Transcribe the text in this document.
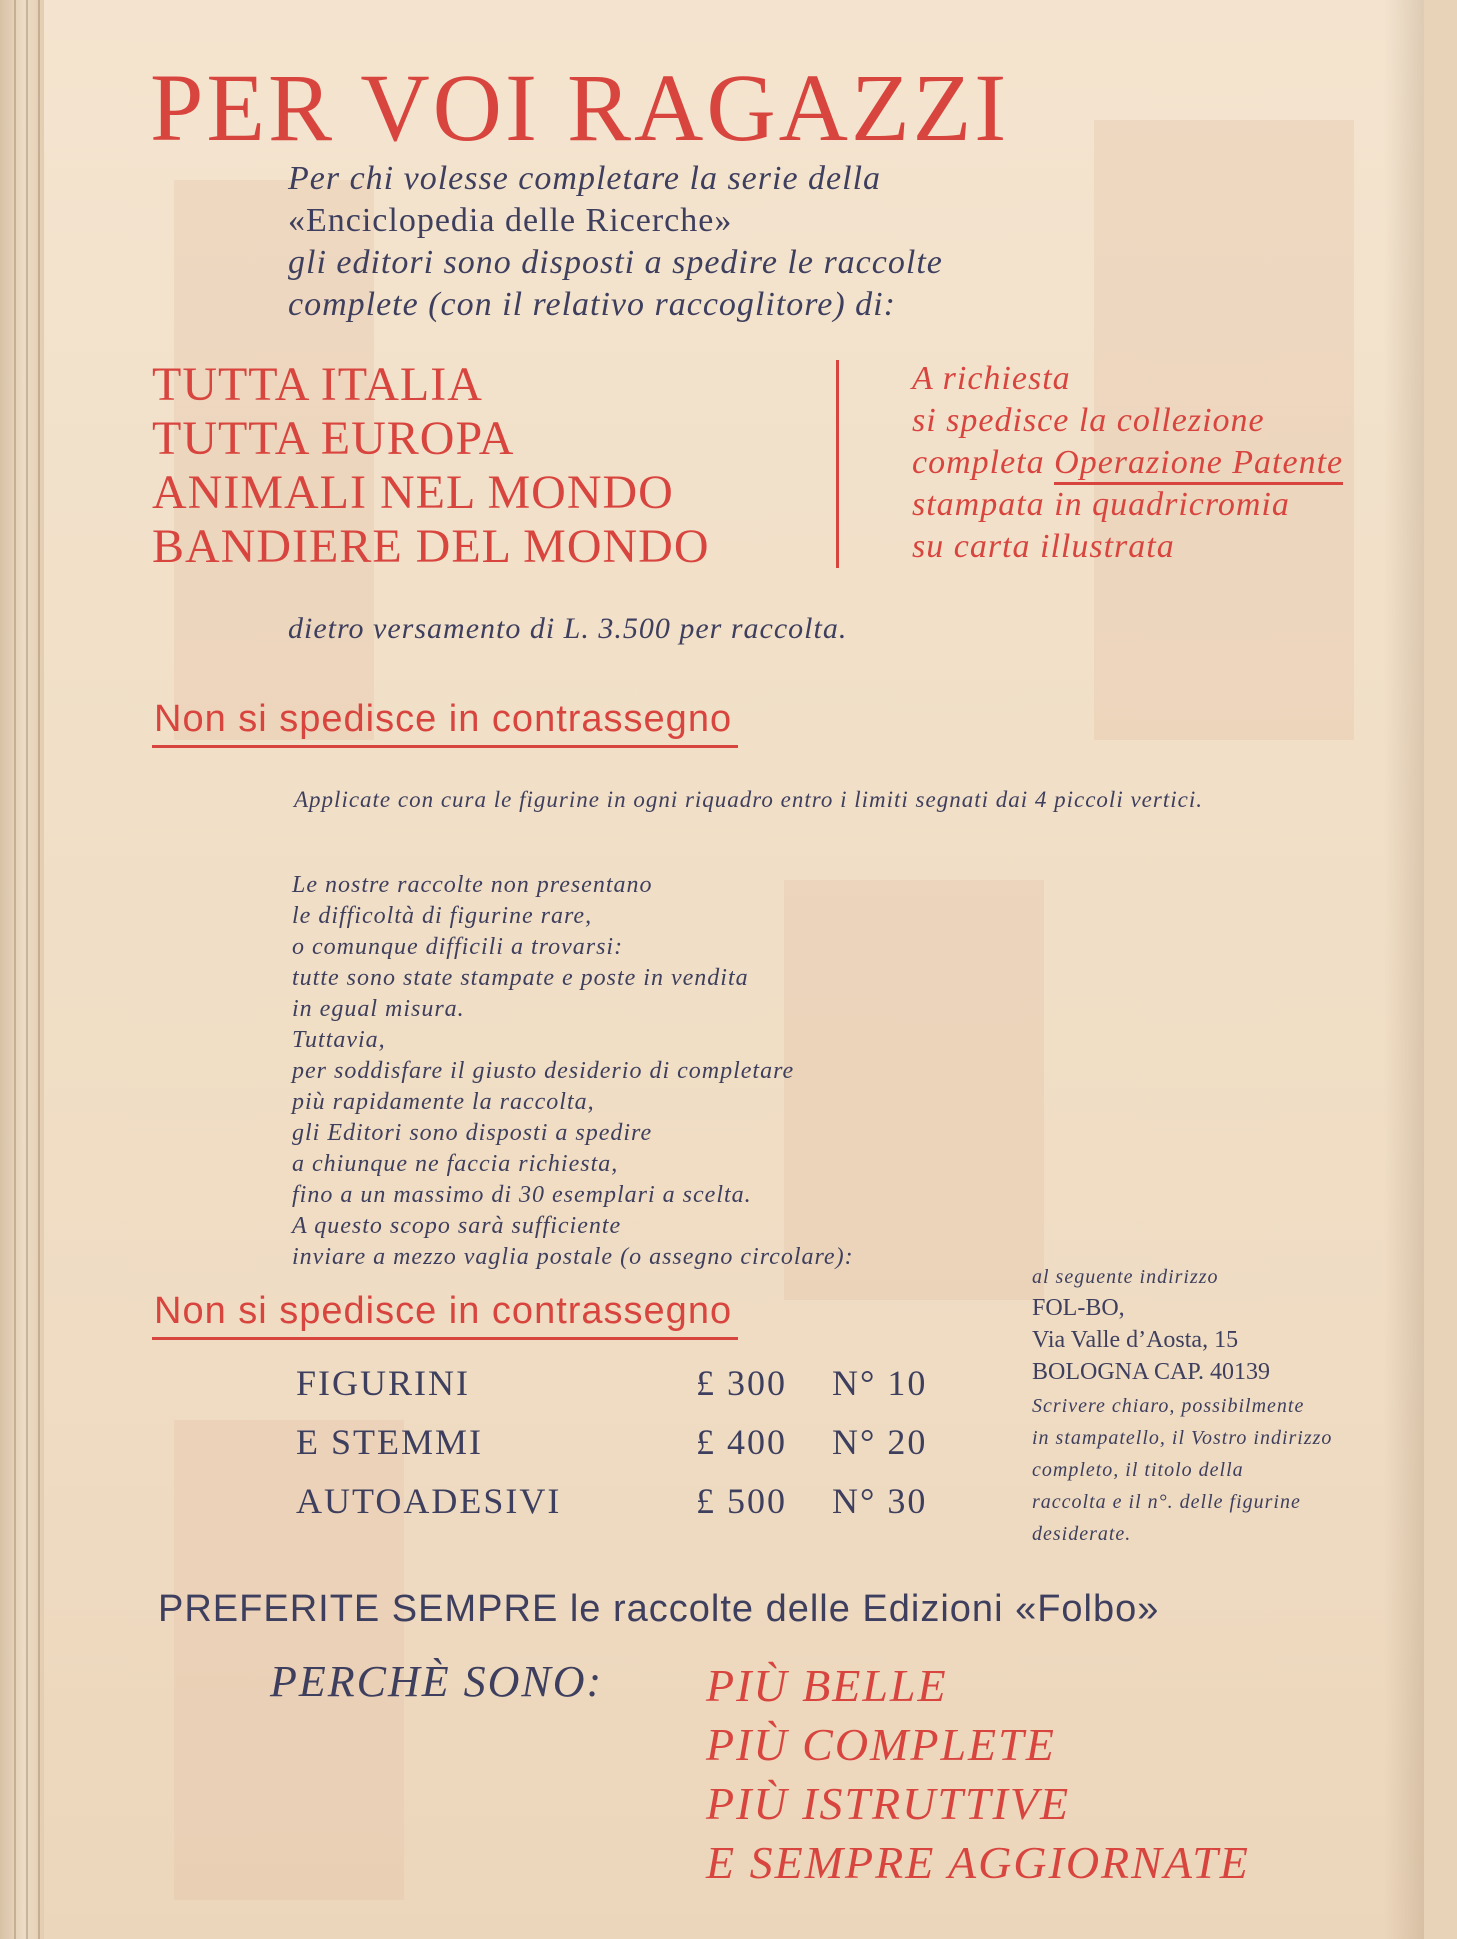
PER VOI RAGAZZI
Per chi volesse completare la serie della
«Enciclopedia delle Ricerche»
gli editori sono disposti a spedire le raccolte
complete (con il relativo raccoglitore) di:
TUTTA ITALIA
TUTTA EUROPA
ANIMALI NEL MONDO
BANDIERE DEL MONDO
A richiesta
si spedisce la collezione
completa Operazione Patente
stampata in quadricromia
su carta illustrata
dietro versamento di L. 3.500 per raccolta.
Non si spedisce in contrassegno
Applicate con cura le figurine in ogni riquadro entro i limiti segnati dai 4 piccoli vertici.
Le nostre raccolte non presentano
le difficoltà di figurine rare,
o comunque difficili a trovarsi:
tutte sono state stampate e poste in vendita
in egual misura.
Tuttavia,
per soddisfare il giusto desiderio di completare
più rapidamente la raccolta,
gli Editori sono disposti a spedire
a chiunque ne faccia richiesta,
fino a un massimo di 30 esemplari a scelta.
A questo scopo sarà sufficiente
inviare a mezzo vaglia postale (o assegno circolare):
Non si spedisce in contrassegno
al seguente indirizzo
FOL-BO,
Via Valle d’Aosta, 15
BOLOGNA CAP. 40139
Scrivere chiaro, possibilmente
in stampatello, il Vostro indirizzo
completo, il titolo della
raccolta e il n°. delle figurine
desiderate.
FIGURINI	£ 300 N° 10
E STEMMI	£ 400 N° 20
AUTOADESIVI	£ 500 N° 30
PREFERITE SEMPRE le raccolte delle Edizioni «Folbo»
PERCHÈ SONO: PIÙ BELLE
PIÙ COMPLETE
PIÙ ISTRUTTIVE
E SEMPRE AGGIORNATE
